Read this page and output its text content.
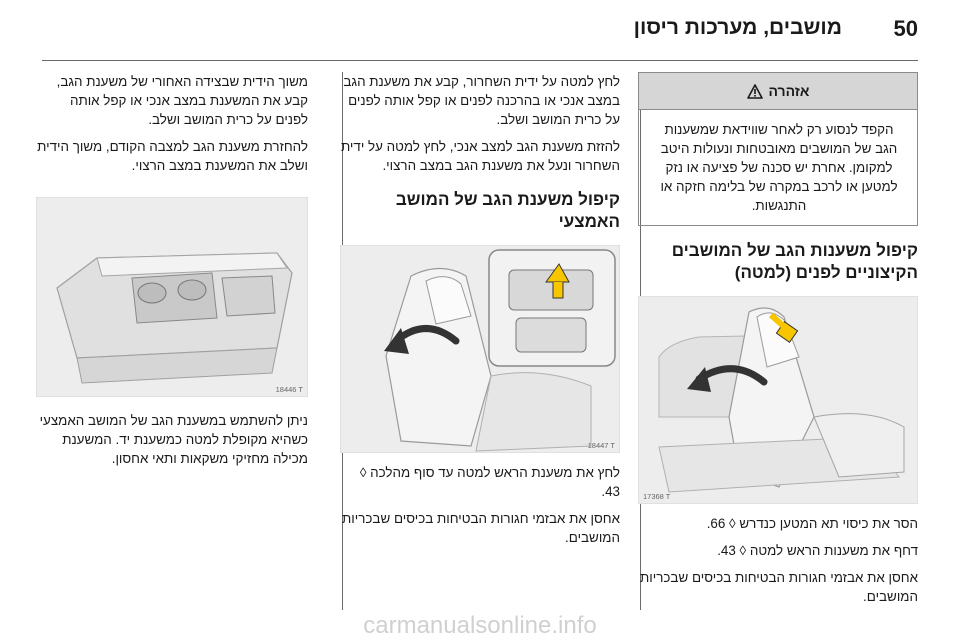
50
מושבים, מערכות ריסון
אזהרה
הקפד לנסוע רק לאחר שווידאת שמשענות הגב של המושבים מאובטחות ונעולות היטב למקומן. אחרת יש סכנה של פציעה או נזק למטען או לרכב במקרה של בלימה חזקה או התנגשות.
קיפול משענות הגב של המושבים הקיצוניים לפנים (למטה)
17368 T
הסר את כיסוי תא המטען כנדרש ◊ 66.
דחף את משענות הראש למטה ◊ 43.
אחסן את אבזמי חגורות הבטיחות בכיסים שבכריות המושבים.
לחץ למטה על ידית השחרור, קבע את משענת הגב במצב אנכי או בהרכנה לפנים או קפל אותה לפנים על כרית המושב ושלב.
להזזת משענת הגב למצב אנכי, לחץ למטה על ידית השחרור ונעל את משענת הגב במצב הרצוי.
קיפול משענת הגב של המושב האמצעי
18447 T
לחץ את משענת הראש למטה עד סוף מהלכה ◊ 43.
אחסן את אבזמי חגורות הבטיחות בכיסים שבכריות המושבים.
משוך הידית שבצידה האחורי של משענת הגב, קבע את המשענת במצב אנכי או קפל אותה לפנים על כרית המושב ושלב.
להחזרת משענת הגב למצבה הקודם, משוך הידית ושלב את המשענת במצב הרצוי.
18446 T
ניתן להשתמש במשענת הגב של המושב האמצעי כשהיא מקופלת למטה כמשענת יד. המשענת מכילה מחזיקי משקאות ותאי אחסון.
carmanualsonline.info
